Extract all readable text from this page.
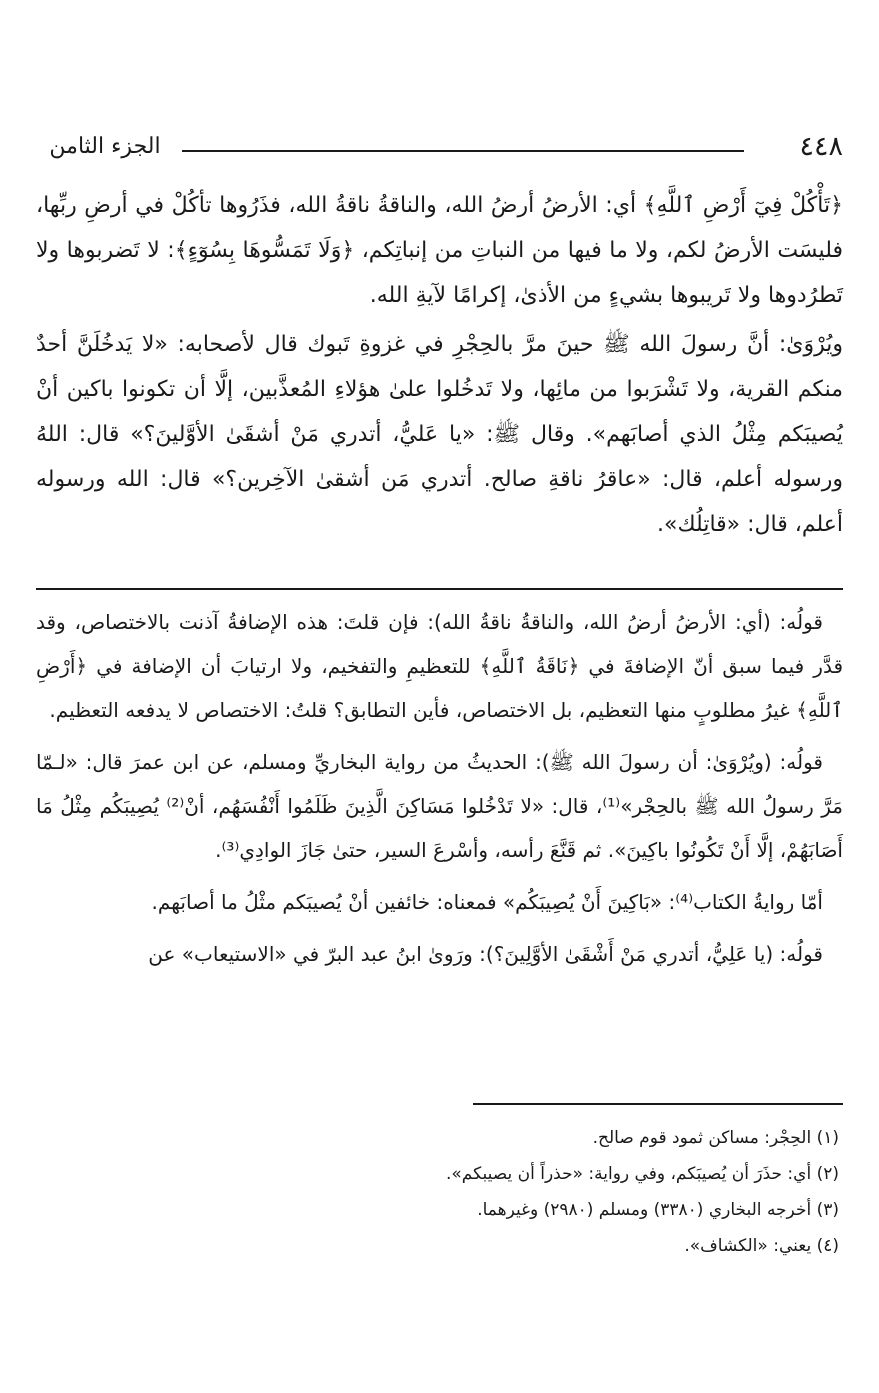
٤٤٨
الجزء الثامن

﴿تَأْكُلْ فِيٓ أَرْضِ ٱللَّهِ﴾ أي: الأرضُ أرضُ الله، والناقةُ ناقةُ الله، فذَرُوها تأكُلْ في أرضِ ربِّها، فليسَت الأرضُ لكم، ولا ما فيها من النباتِ من إنباتِكم، ﴿وَلَا تَمَسُّوهَا بِسُوٓءٍ﴾: لا تَضربوها ولا تَطرُدوها ولا تَريبوها بشيءٍ من الأذىٰ، إكرامًا لآيةِ الله.

ويُرْوَىٰ: أنَّ رسولَ الله ﷺ حينَ مرَّ بالحِجْرِ في غزوةِ تَبوك قال لأصحابه: «لا يَدخُلَنَّ أحدٌ منكم القرية، ولا تَشْرَبوا من مائِها، ولا تَدخُلوا علىٰ هؤلاءِ المُعذَّبين، إلَّا أن تكونوا باكين أنْ يُصيبَكم مِثْلُ الذي أصابَهم». وقال ﷺ: «يا عَليُّ، أتدري مَنْ أشقَىٰ الأوَّلينَ؟» قال: اللهُ ورسوله أعلم، قال: «عاقرُ ناقةِ صالح. أتدري مَن أشقىٰ الآخِرين؟» قال: الله ورسوله أعلم، قال: «قاتِلُك».

قولُه: (أي: الأرضُ أرضُ الله، والناقةُ ناقةُ الله): فإن قلتَ: هذه الإضافةُ آذنت بالاختصاص، وقد قدَّر فيما سبق أنّ الإضافةَ في ﴿نَاقَةُ ٱللَّهِ﴾ للتعظيمِ والتفخيم، ولا ارتيابَ أن الإضافة في ﴿أَرْضِ ٱللَّهِ﴾ غيرُ مطلوبٍ منها التعظيم، بل الاختصاص، فأين التطابق؟ قلتُ: الاختصاص لا يدفعه التعظيم.

قولُه: (ويُرْوَىٰ: أن رسولَ الله ﷺ): الحديثُ من رواية البخاريِّ ومسلم، عن ابن عمرَ قال: «لـمّا مَرَّ رسولُ الله ﷺ بالحِجْر»⁽¹⁾، قال: «لا تَدْخُلوا مَسَاكِنَ الَّذِينَ ظَلَمُوا أَنْفُسَهُم، أنْ⁽²⁾ يُصِيبَكُم مِثْلُ مَا أَصَابَهُمْ، إلَّا أَنْ تَكُونُوا باكِينَ». ثم قَنَّعَ رأسه، وأسْرعَ السير، حتىٰ جَازَ الوادِي⁽³⁾.

أمّا روايةُ الكتاب⁽⁴⁾: «بَاكِينَ أَنْ يُصِيبَكُم» فمعناه: خائفين أنْ يُصيبَكم مثْلُ ما أصابَهم.

قولُه: (يا عَلِيُّ، أتدري مَنْ أَشْقَىٰ الأوَّلِينَ؟): ورَوىٰ ابنُ عبد البرّ في «الاستيعاب» عن

(١) الحِجْر: مساكن ثمود قوم صالح.

(٢) أي: حذَرَ أن يُصيبَكم، وفي رواية: «حذراً أن يصيبكم».

(٣) أخرجه البخاري (٣٣٨٠) ومسلم (٢٩٨٠) وغيرهما.

(٤) يعني: «الكشاف».
